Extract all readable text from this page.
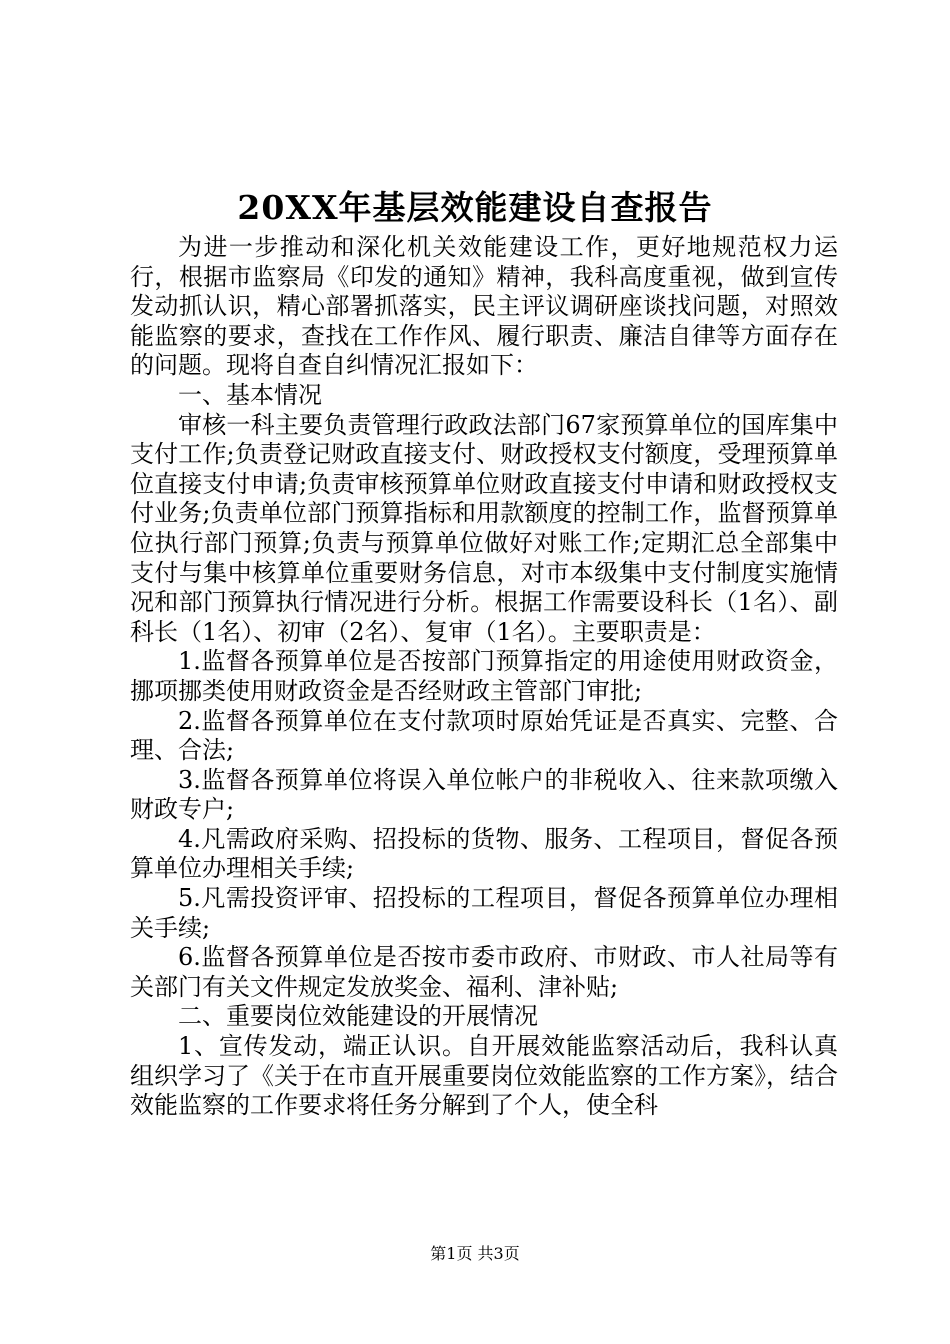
20XX年基层效能建设自查报告

为进一步推动和深化机关效能建设工作，更好地规范权力运行，根据市监察局《印发的通知》精神，我科高度重视，做到宣传发动抓认识，精心部署抓落实，民主评议调研座谈找问题，对照效能监察的要求，查找在工作作风、履行职责、廉洁自律等方面存在的问题。现将自查自纠情况汇报如下：

一、基本情况

审核一科主要负责管理行政政法部门67家预算单位的国库集中支付工作;负责登记财政直接支付、财政授权支付额度，受理预算单位直接支付申请;负责审核预算单位财政直接支付申请和财政授权支付业务;负责单位部门预算指标和用款额度的控制工作，监督预算单位执行部门预算;负责与预算单位做好对账工作;定期汇总全部集中支付与集中核算单位重要财务信息，对市本级集中支付制度实施情况和部门预算执行情况进行分析。根据工作需要设科长（1名）、副科长（1名）、初审（2名）、复审（1名）。主要职责是：

1.监督各预算单位是否按部门预算指定的用途使用财政资金，挪项挪类使用财政资金是否经财政主管部门审批;

2.监督各预算单位在支付款项时原始凭证是否真实、完整、合理、合法;

3.监督各预算单位将误入单位帐户的非税收入、往来款项缴入财政专户;

4.凡需政府采购、招投标的货物、服务、工程项目，督促各预算单位办理相关手续;

5.凡需投资评审、招投标的工程项目，督促各预算单位办理相关手续;

6.监督各预算单位是否按市委市政府、市财政、市人社局等有关部门有关文件规定发放奖金、福利、津补贴;

二、重要岗位效能建设的开展情况

1、宣传发动，端正认识。自开展效能监察活动后，我科认真组织学习了《关于在市直开展重要岗位效能监察的工作方案》，结合效能监察的工作要求将任务分解到了个人，使全科

第1页 共3页
